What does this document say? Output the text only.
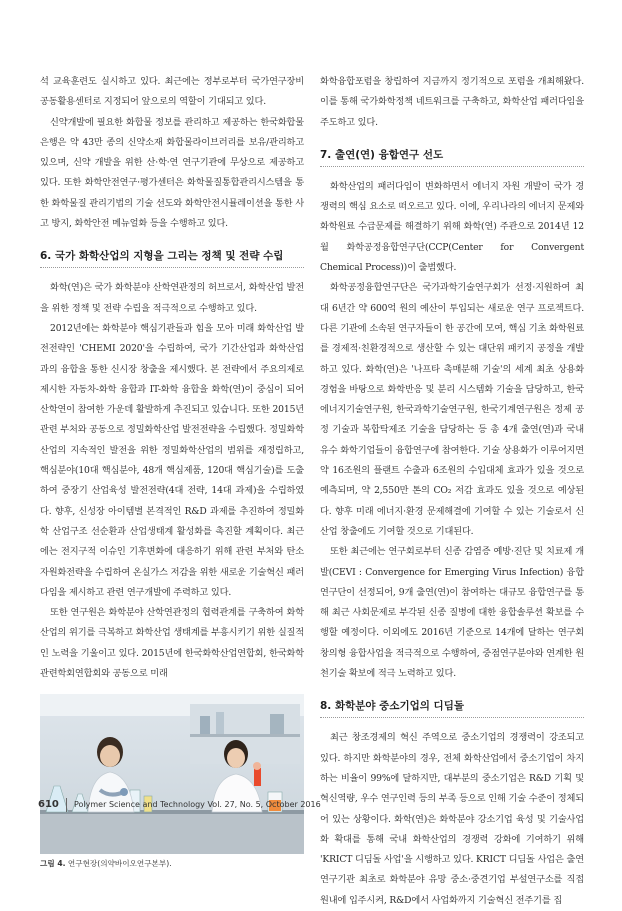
석 교육훈련도 실시하고 있다. 최근에는 정부로부터 국가연구장비 공동활용센터로 지정되어 앞으로의 역할이 기대되고 있다.

신약개발에 필요한 화합물 정보를 관리하고 제공하는 한국화합물은행은 약 43만 종의 신약소재 화합물라이브러리를 보유/관리하고 있으며, 신약 개발을 위한 산·학·연 연구기관에 무상으로 제공하고 있다. 또한 화학안전연구·평가센터은 화학물질통합관리시스템을 통한 화학물질 관리기법의 기술 선도와 화학안전시뮬레이션을 통한 사고 방지, 화학안전 메뉴얼화 등을 수행하고 있다.

6. 국가 화학산업의 지형을 그리는 정책 및 전략 수립

화학(연)은 국가 화학분야 산학연관정의 허브로서, 화학산업 발전을 위한 정책 및 전략 수립을 적극적으로 수행하고 있다.

2012년에는 화학분야 핵심기관들과 힘을 모아 미래 화학산업 발전전략인 'CHEMI 2020'을 수립하여, 국가 기간산업과 화학산업과의 융합을 통한 신시장 창출을 제시했다. 본 전략에서 주요의제로 제시한 자동차-화학 융합과 IT-화학 융합을 화학(연)이 중심이 되어 산학연이 참여한 가운데 활발하게 추진되고 있습니다. 또한 2015년 관련 부처와 공동으로 정밀화학산업 발전전략을 수립했다. 정밀화학산업의 지속적인 발전을 위한 정밀화학산업의 범위를 재정립하고, 핵심분야(10대 핵심분야, 48개 핵심제품, 120대 핵심기술)를 도출하여 중장기 산업육성 발전전략(4대 전략, 14대 과제)을 수립하였다. 향후, 신성장 아이템별 본격적인 R&D 과제를 추진하여 정밀화학 산업구조 선순환과 산업생태계 활성화를 촉진할 계획이다. 최근에는 전지구적 이슈인 기후변화에 대응하기 위해 관련 부처와 탄소자원화전략을 수립하여 온실가스 저감을 위한 새로운 기술혁신 패러다임을 제시하고 관련 연구개발에 주력하고 있다.

또한 연구원은 화학분야 산학연관정의 협력관계를 구축하여 화학산업의 위기를 극복하고 화학산업 생태계를 부흥시키기 위한 실질적인 노력을 기울이고 있다. 2015년에 한국화학산업연합회, 한국화학관련학회연합회와 공동으로 미래

그림 4. 연구현장(의약바이오연구본부).

화학융합포럼을 창립하여 지금까지 정기적으로 포럼을 개최해왔다. 이를 통해 국가화학정책 네트워크를 구축하고, 화학산업 패러다임을 주도하고 있다.

7. 출연(연) 융합연구 선도

화학산업의 패러다임이 변화하면서 에너지 자원 개발이 국가 경쟁력의 핵심 요소로 떠오르고 있다. 이에, 우리나라의 에너지 문제와 화학원료 수급문제를 해결하기 위해 화학(연) 주관으로 2014년 12월 화학공정융합연구단(CCP(Center for Convergent Chemical Process))이 출범했다.

화학공정융합연구단은 국가과학기술연구회가 선정·지원하여 최대 6년간 약 600억 원의 예산이 투입되는 새로운 연구 프로젝트다. 다른 기관에 소속된 연구자들이 한 공간에 모여, 핵심 기초 화학원료를 경제적·친환경적으로 생산할 수 있는 대단위 패키지 공정을 개발하고 있다. 화학(연)은 '나프타 촉매분해 기술'의 세계 최초 상용화 경험을 바탕으로 화학반응 및 분리 시스템화 기술을 담당하고, 한국에너지기술연구원, 한국과학기술연구원, 한국기계연구원은 정제 공정 기술과 복합탁제조 기술을 담당하는 등 총 4개 출연(연)과 국내 유수 화학기업들이 융합연구에 참여한다. 기술 상용화가 이루어지면 약 16조원의 플랜트 수출과 6조원의 수입대체 효과가 있을 것으로 예측되며, 약 2,550만 톤의 CO₂ 저감 효과도 있을 것으로 예상된다. 향후 미래 에너지·환경 문제해결에 기여할 수 있는 기술로서 신산업 창출에도 기여할 것으로 기대된다.

또한 최근에는 연구회로부터 신종 감염증 예방·진단 및 치료제 개발(CEVI : Convergence for Emerging Virus Infection) 융합연구단이 선정되어, 9개 출연(연)이 참여하는 대규모 융합연구를 통해 최근 사회문제로 부각된 신종 질병에 대한 융합솔루션 확보를 수행할 예정이다. 이외에도 2016년 기준으로 14개에 달하는 연구회 창의형 융합사업을 적극적으로 수행하여, 중점연구분야와 연계한 원천기술 확보에 적극 노력하고 있다.

8. 화학분야 중소기업의 디딤돌

최근 창조경제의 혁신 주역으로 중소기업의 경쟁력이 강조되고 있다. 하지만 화학분야의 경우, 전체 화학산업에서 중소기업이 차지하는 비율이 99%에 달하지만, 대부분의 중소기업은 R&D 기획 및 혁신역량, 우수 연구인력 등의 부족 등으로 인해 기술 수준이 정체되어 있는 상황이다. 화학(연)은 화학분야 강소기업 육성 및 기술사업화 확대를 통해 국내 화학산업의 경쟁력 강화에 기여하기 위해 'KRICT 디딤돌 사업'을 시행하고 있다. KRICT 디딤돌 사업은 출연연구기관 최초로 화학분야 유망 중소·중견기업 부설연구소를 직접 원내에 입주시켜, R&D에서 사업화까지 기술혁신 전주기를 집

610 Polymer Science and Technology Vol. 27, No. 5, October 2016
